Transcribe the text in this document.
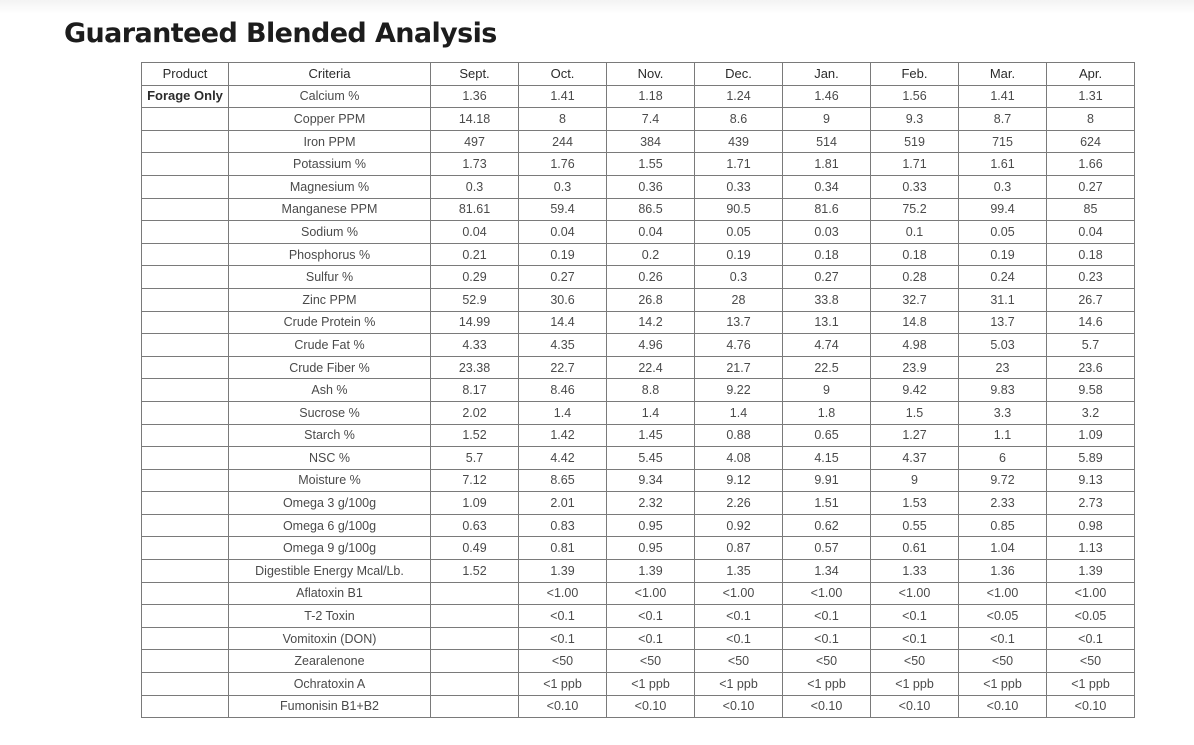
Guaranteed Blended Analysis
Product	Criteria	Sept.	Oct.	Nov.	Dec.	Jan.	Feb.	Mar.	Apr.
Forage Only	Calcium %	1.36	1.41	1.18	1.24	1.46	1.56	1.41	1.31
	Copper PPM	14.18	8	7.4	8.6	9	9.3	8.7	8
	Iron PPM	497	244	384	439	514	519	715	624
	Potassium %	1.73	1.76	1.55	1.71	1.81	1.71	1.61	1.66
	Magnesium %	0.3	0.3	0.36	0.33	0.34	0.33	0.3	0.27
	Manganese PPM	81.61	59.4	86.5	90.5	81.6	75.2	99.4	85
	Sodium %	0.04	0.04	0.04	0.05	0.03	0.1	0.05	0.04
	Phosphorus %	0.21	0.19	0.2	0.19	0.18	0.18	0.19	0.18
	Sulfur %	0.29	0.27	0.26	0.3	0.27	0.28	0.24	0.23
	Zinc PPM	52.9	30.6	26.8	28	33.8	32.7	31.1	26.7
	Crude Protein %	14.99	14.4	14.2	13.7	13.1	14.8	13.7	14.6
	Crude Fat %	4.33	4.35	4.96	4.76	4.74	4.98	5.03	5.7
	Crude Fiber %	23.38	22.7	22.4	21.7	22.5	23.9	23	23.6
	Ash %	8.17	8.46	8.8	9.22	9	9.42	9.83	9.58
	Sucrose %	2.02	1.4	1.4	1.4	1.8	1.5	3.3	3.2
	Starch %	1.52	1.42	1.45	0.88	0.65	1.27	1.1	1.09
	NSC %	5.7	4.42	5.45	4.08	4.15	4.37	6	5.89
	Moisture %	7.12	8.65	9.34	9.12	9.91	9	9.72	9.13
	Omega 3 g/100g	1.09	2.01	2.32	2.26	1.51	1.53	2.33	2.73
	Omega 6 g/100g	0.63	0.83	0.95	0.92	0.62	0.55	0.85	0.98
	Omega 9 g/100g	0.49	0.81	0.95	0.87	0.57	0.61	1.04	1.13
	Digestible Energy Mcal/Lb.	1.52	1.39	1.39	1.35	1.34	1.33	1.36	1.39
	Aflatoxin B1		<1.00	<1.00	<1.00	<1.00	<1.00	<1.00	<1.00
	T-2 Toxin		<0.1	<0.1	<0.1	<0.1	<0.1	<0.05	<0.05
	Vomitoxin (DON)		<0.1	<0.1	<0.1	<0.1	<0.1	<0.1	<0.1
	Zearalenone		<50	<50	<50	<50	<50	<50	<50
	Ochratoxin A		<1 ppb	<1 ppb	<1 ppb	<1 ppb	<1 ppb	<1 ppb	<1 ppb
	Fumonisin B1+B2		<0.10	<0.10	<0.10	<0.10	<0.10	<0.10	<0.10
